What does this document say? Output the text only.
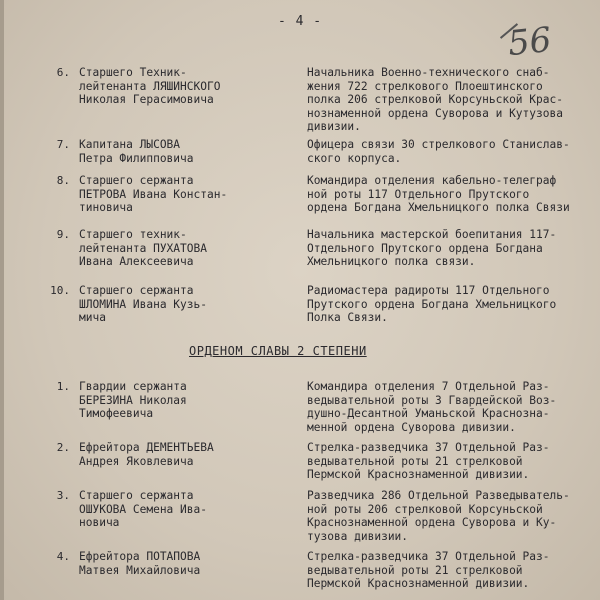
- 4 -	56
6. Старшего Техник-
лейтенанта ЛЯШИНСКОГО
Николая Герасимовича
Начальника Военно-технического снаб-
жения 722 стрелкового Плоештинского
полка 206 стрелковой Корсуньской Крас-
нознаменной ордена Суворова и Кутузова
дивизии.
7. Капитана ЛЫСОВА
Петра Филипповича
Офицера связи 30 стрелкового Станислав-
ского корпуса.
8. Старшего сержанта
ПЕТРОВА Ивана Констан-
тиновича
Командира отделения кабельно-телеграф
ной роты 117 Отдельного Прутского
ордена Богдана Хмельницкого полка Связи
9. Старшего техник-
лейтенанта ПУХАТОВА
Ивана Алексеевича
Начальника мастерской боепитания 117-
Отдельного Прутского ордена Богдана
Хмельницкого полка связи.
10. Старшего сержанта
ШЛОМИНА Ивана Кузь-
мича
Радиомастера радироты 117 Отдельного
Прутского ордена Богдана Хмельницкого
Полка Связи.
ОРДЕНОМ СЛАВЫ 2 СТЕПЕНИ
1. Гвардии сержанта
БЕРЕЗИНА Николая
Тимофеевича
Командира отделения 7 Отдельной Раз-
ведывательной роты 3 Гвардейской Воз-
душно-Десантной Уманьской Краснозна-
менной ордена Суворова дивизии.
2. Ефрейтора ДЕМЕНТЬЕВА
Андрея Яковлевича
Стрелка-разведчика 37 Отдельной Раз-
ведывательной роты 21 стрелковой
Пермской Краснознаменной дивизии.
3. Старшего сержанта
ОШУКОВА Семена Ива-
новича
Разведчика 286 Отдельной Разведыватель-
ной роты 206 стрелковой Корсуньской
Краснознаменной ордена Суворова и Ку-
тузова дивизии.
4. Ефрейтора ПОТАПОВА
Матвея Михайловича
Стрелка-разведчика 37 Отдельной Раз-
ведывательной роты 21 стрелковой
Пермской Краснознаменной дивизии.
